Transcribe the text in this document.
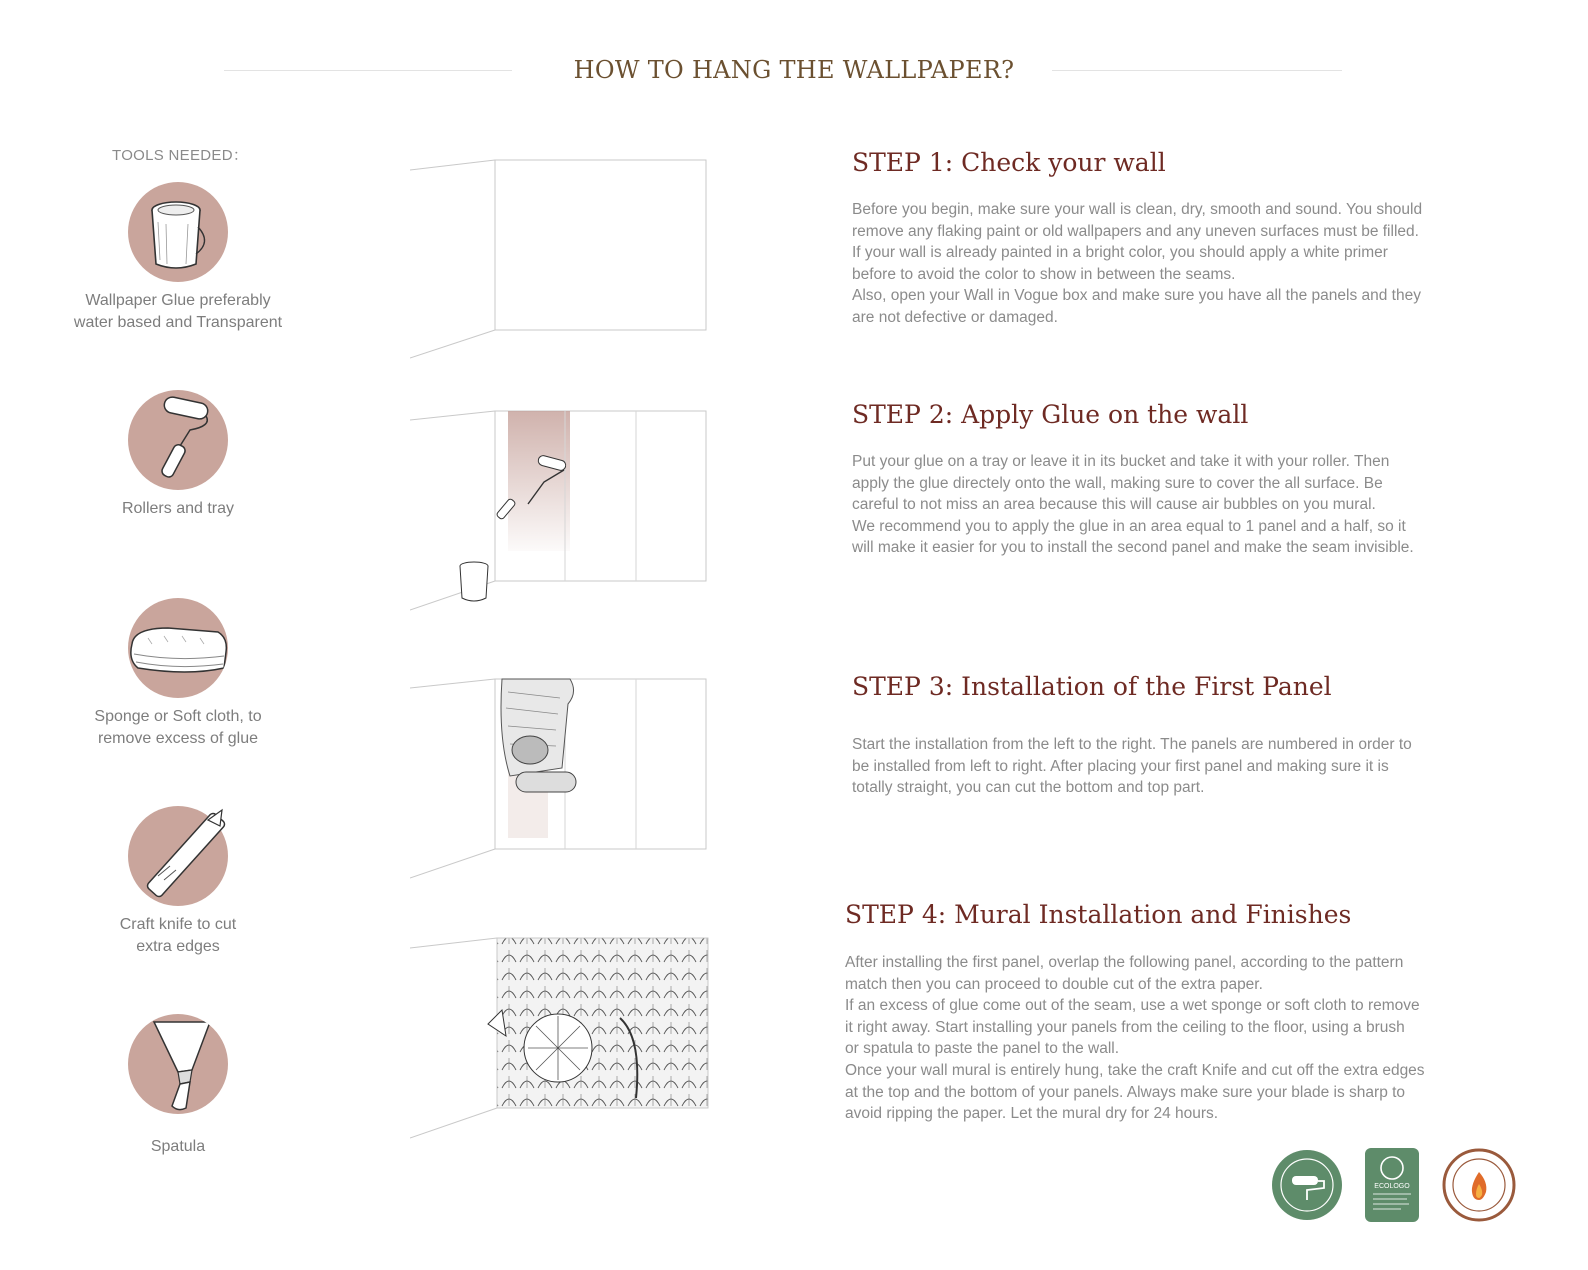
HOW TO HANG THE WALLPAPER?
TOOLS NEEDED：
Wallpaper Glue preferably
water based and Transparent
Rollers and tray
Sponge or Soft cloth, to
remove excess of glue
Craft knife to cut
extra edges
Spatula
STEP 1: Check your wall
Before you begin, make sure your wall is clean, dry, smooth and sound. You should
remove any flaking paint or old wallpapers and any uneven surfaces must be filled.
If your wall is already painted in a bright color, you should apply a white primer
before to avoid the color to show in between the seams.
Also, open your Wall in Vogue box and make sure you have all the panels and they
are not defective or damaged.
STEP 2: Apply Glue on the wall
Put your glue on a tray or leave it in its bucket and take it with your roller. Then
apply the glue directely onto the wall, making sure to cover the all surface. Be
careful to not miss an area because this will cause air bubbles on you mural.
We recommend you to apply the glue in an area equal to 1 panel and a half, so it
will make it easier for you to install the second panel and make the seam invisible.
STEP 3: Installation of the First Panel
Start the installation from the left to the right. The panels are numbered in order to
be installed from left to right. After placing your first panel and making sure it is
totally straight, you can cut the bottom and top part.
STEP 4: Mural Installation and Finishes
After installing the first panel, overlap the following panel, according to the pattern
match then you can proceed to double cut of the extra paper.
If an excess of glue come out of the seam, use a wet sponge or soft cloth to remove
it right away. Start installing your panels from the ceiling to the floor, using a brush
or spatula to paste the panel to the wall.
Once your wall mural is entirely hung, take the craft Knife and cut off the extra edges
at the top and the bottom of your panels. Always make sure your blade is sharp to
avoid ripping the paper. Let the mural dry for 24 hours.
ECOLOGO
